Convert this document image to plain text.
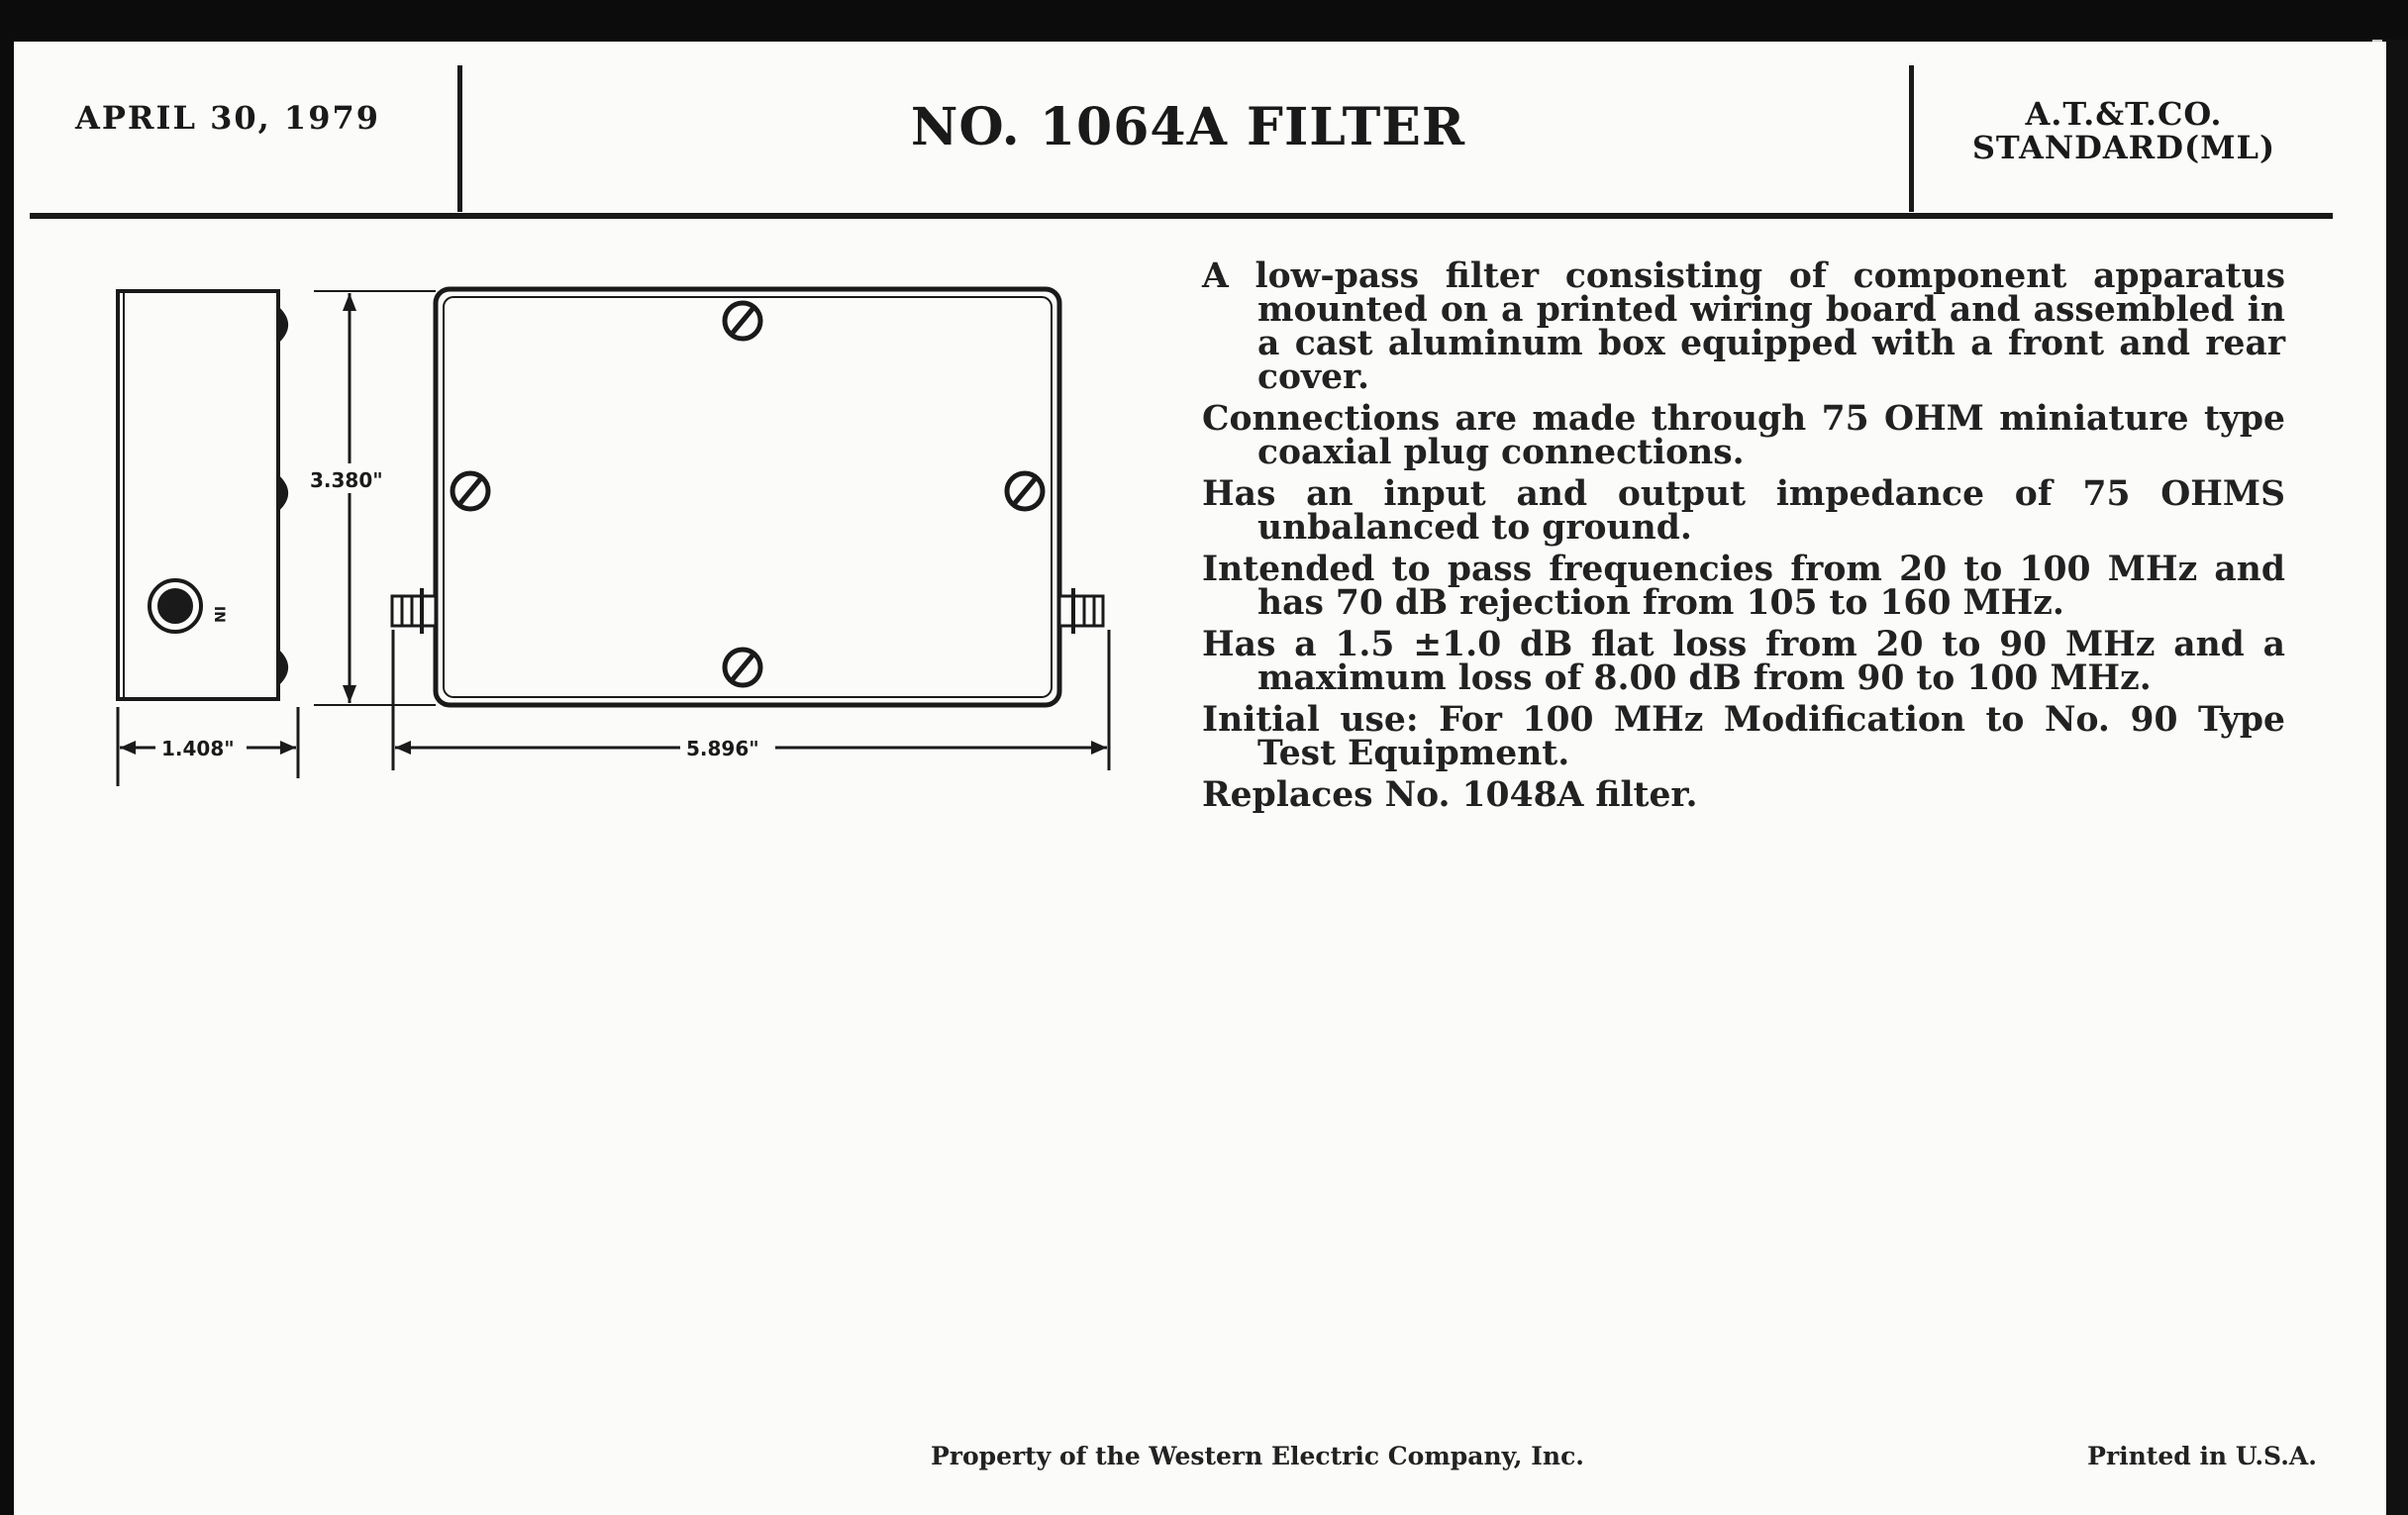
APRIL 30, 1979	NO. 1064A FILTER	A.T.&T.CO.
STANDARD(ML)
IN
3.380"
1.408"	5.896"

A low-pass filter consisting of component apparatus mounted on a printed wiring board and assembled in a cast aluminum box equipped with a front and rear cover.

Connections are made through 75 OHM miniature type coaxial plug connections.

Has an input and output impedance of 75 OHMS unbalanced to ground.

Intended to pass frequencies from 20 to 100 MHz and has 70 dB rejection from 105 to 160 MHz.

Has a 1.5 ±1.0 dB flat loss from 20 to 90 MHz and a maximum loss of 8.00 dB from 90 to 100 MHz.

Initial use: For 100 MHz Modification to No. 90 Type Test Equipment.

Replaces No. 1048A filter.

Property of the Western Electric Company, Inc.	Printed in U.S.A.
